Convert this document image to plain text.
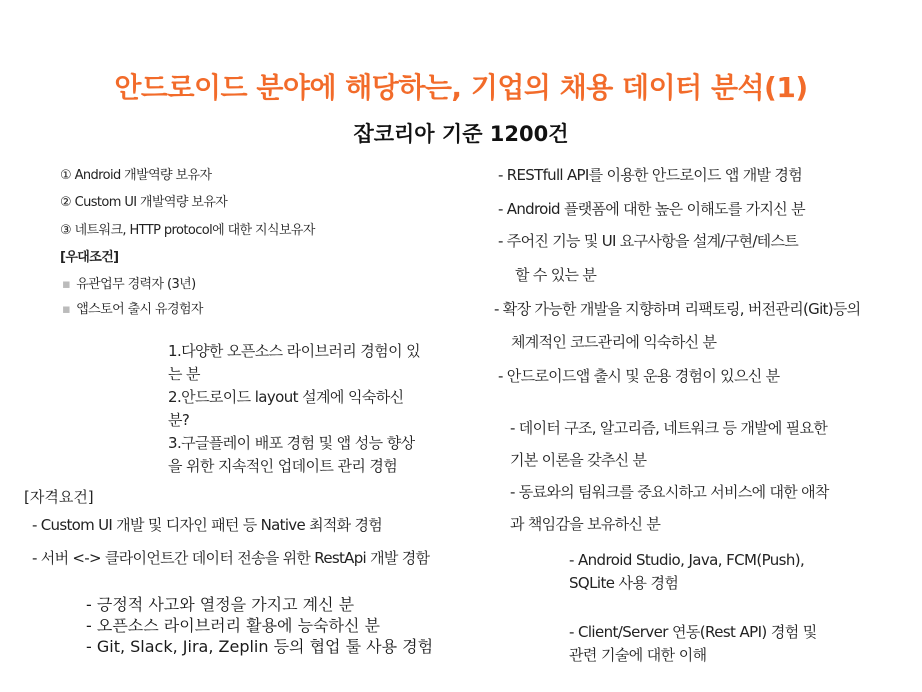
안드로이드 분야에 해당하는, 기업의 채용 데이터 분석(1)
잡코리아 기준 1200건
① Android 개발역량 보유자
② Custom UI 개발역량 보유자
③ 네트워크, HTTP protocol에 대한 지식보유자
[우대조건]
▪ 유관업무 경력자 (3년)
▪ 앱스토어 출시 유경험자
1.다양한 오픈소스 라이브러리 경험이 있
는 분
2.안드로이드 layout 설계에 익숙하신
분?
3.구글플레이 배포 경험 및 앱 성능 향상
을 위한 지속적인 업데이트 관리 경험
[자격요건]
- Custom UI 개발 및 디자인 패턴 등 Native 최적화 경험
- 서버 <-> 클라이언트간 데이터 전송을 위한 RestApi 개발 경함
- 긍정적 사고와 열정을 가지고 계신 분
- 오픈소스 라이브러리 활용에 능숙하신 분
- Git, Slack, Jira, Zeplin 등의 협업 툴 사용 경험
- RESTfull API를 이용한 안드로이드 앱 개발 경험
- Android 플랫폼에 대한 높은 이해도를 가지신 분
- 주어진 기능 및 UI 요구사항을 설계/구현/테스트
할 수 있는 분
- 확장 가능한 개발을 지향하며 리팩토링, 버전관리(Git)등의
체계적인 코드관리에 익숙하신 분
- 안드로이드앱 출시 및 운용 경험이 있으신 분
- 데이터 구조, 알고리즘, 네트워크 등 개발에 필요한
기본 이론을 갖추신 분
- 동료와의 팀워크를 중요시하고 서비스에 대한 애착
과 책임감을 보유하신 분
- Android Studio, Java, FCM(Push),
SQLite 사용 경험
- Client/Server 연동(Rest API) 경험 및
관련 기술에 대한 이해
